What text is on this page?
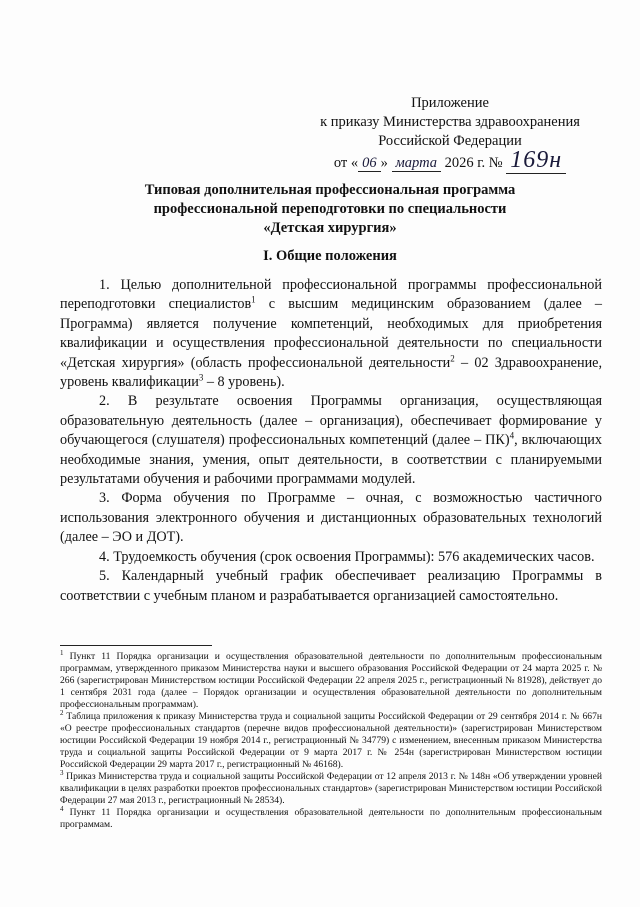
Приложение
к приказу Министерства здравоохранения
Российской Федерации
от « 06 » марта 2026 г. № 169н
Типовая дополнительная профессиональная программа
профессиональной переподготовки по специальности
«Детская хирургия»
I. Общие положения

1. Целью дополнительной профессиональной программы профессиональной переподготовки специалистов$^1$ с высшим медицинским образованием (далее – Программа) является получение компетенций, необходимых для приобретения квалификации и осуществления профессиональной деятельности по специальности «Детская хирургия» (область профессиональной деятельности$^2$ – 02 Здравоохранение, уровень квалификации$^3$ – 8 уровень).

2. В результате освоения Программы организация, осуществляющая образовательную деятельность (далее – организация), обеспечивает формирование у обучающегося (слушателя) профессиональных компетенций (далее – ПК)$^4$, включающих необходимые знания, умения, опыт деятельности, в соответствии с планируемыми результатами обучения и рабочими программами модулей.

3. Форма обучения по Программе – очная, с возможностью частичного использования электронного обучения и дистанционных образовательных технологий (далее – ЭО и ДОТ).

4. Трудоемкость обучения (срок освоения Программы): 576 академических часов.

5. Календарный учебный график обеспечивает реализацию Программы в соответствии с учебным планом и разрабатывается организацией самостоятельно.

$^1$ Пункт 11 Порядка организации и осуществления образовательной деятельности по дополнительным профессиональным программам, утвержденного приказом Министерства науки и высшего образования Российской Федерации от 24 марта 2025 г. № 266 (зарегистрирован Министерством юстиции Российской Федерации 22 апреля 2025 г., регистрационный № 81928), действует до 1 сентября 2031 года (далее – Порядок организации и осуществления образовательной деятельности по дополнительным профессиональным программам).

$^2$ Таблица приложения к приказу Министерства труда и социальной защиты Российской Федерации от 29 сентября 2014 г. № 667н «О реестре профессиональных стандартов (перечне видов профессиональной деятельности)» (зарегистрирован Министерством юстиции Российской Федерации 19 ноября 2014 г., регистрационный № 34779) с изменением, внесенным приказом Министерства труда и социальной защиты Российской Федерации от 9 марта 2017 г. № 254н (зарегистрирован Министерством юстиции Российской Федерации 29 марта 2017 г., регистрационный № 46168).

$^3$ Приказ Министерства труда и социальной защиты Российской Федерации от 12 апреля 2013 г. № 148н «Об утверждении уровней квалификации в целях разработки проектов профессиональных стандартов» (зарегистрирован Министерством юстиции Российской Федерации 27 мая 2013 г., регистрационный № 28534).

$^4$ Пункт 11 Порядка организации и осуществления образовательной деятельности по дополнительным профессиональным программам.
